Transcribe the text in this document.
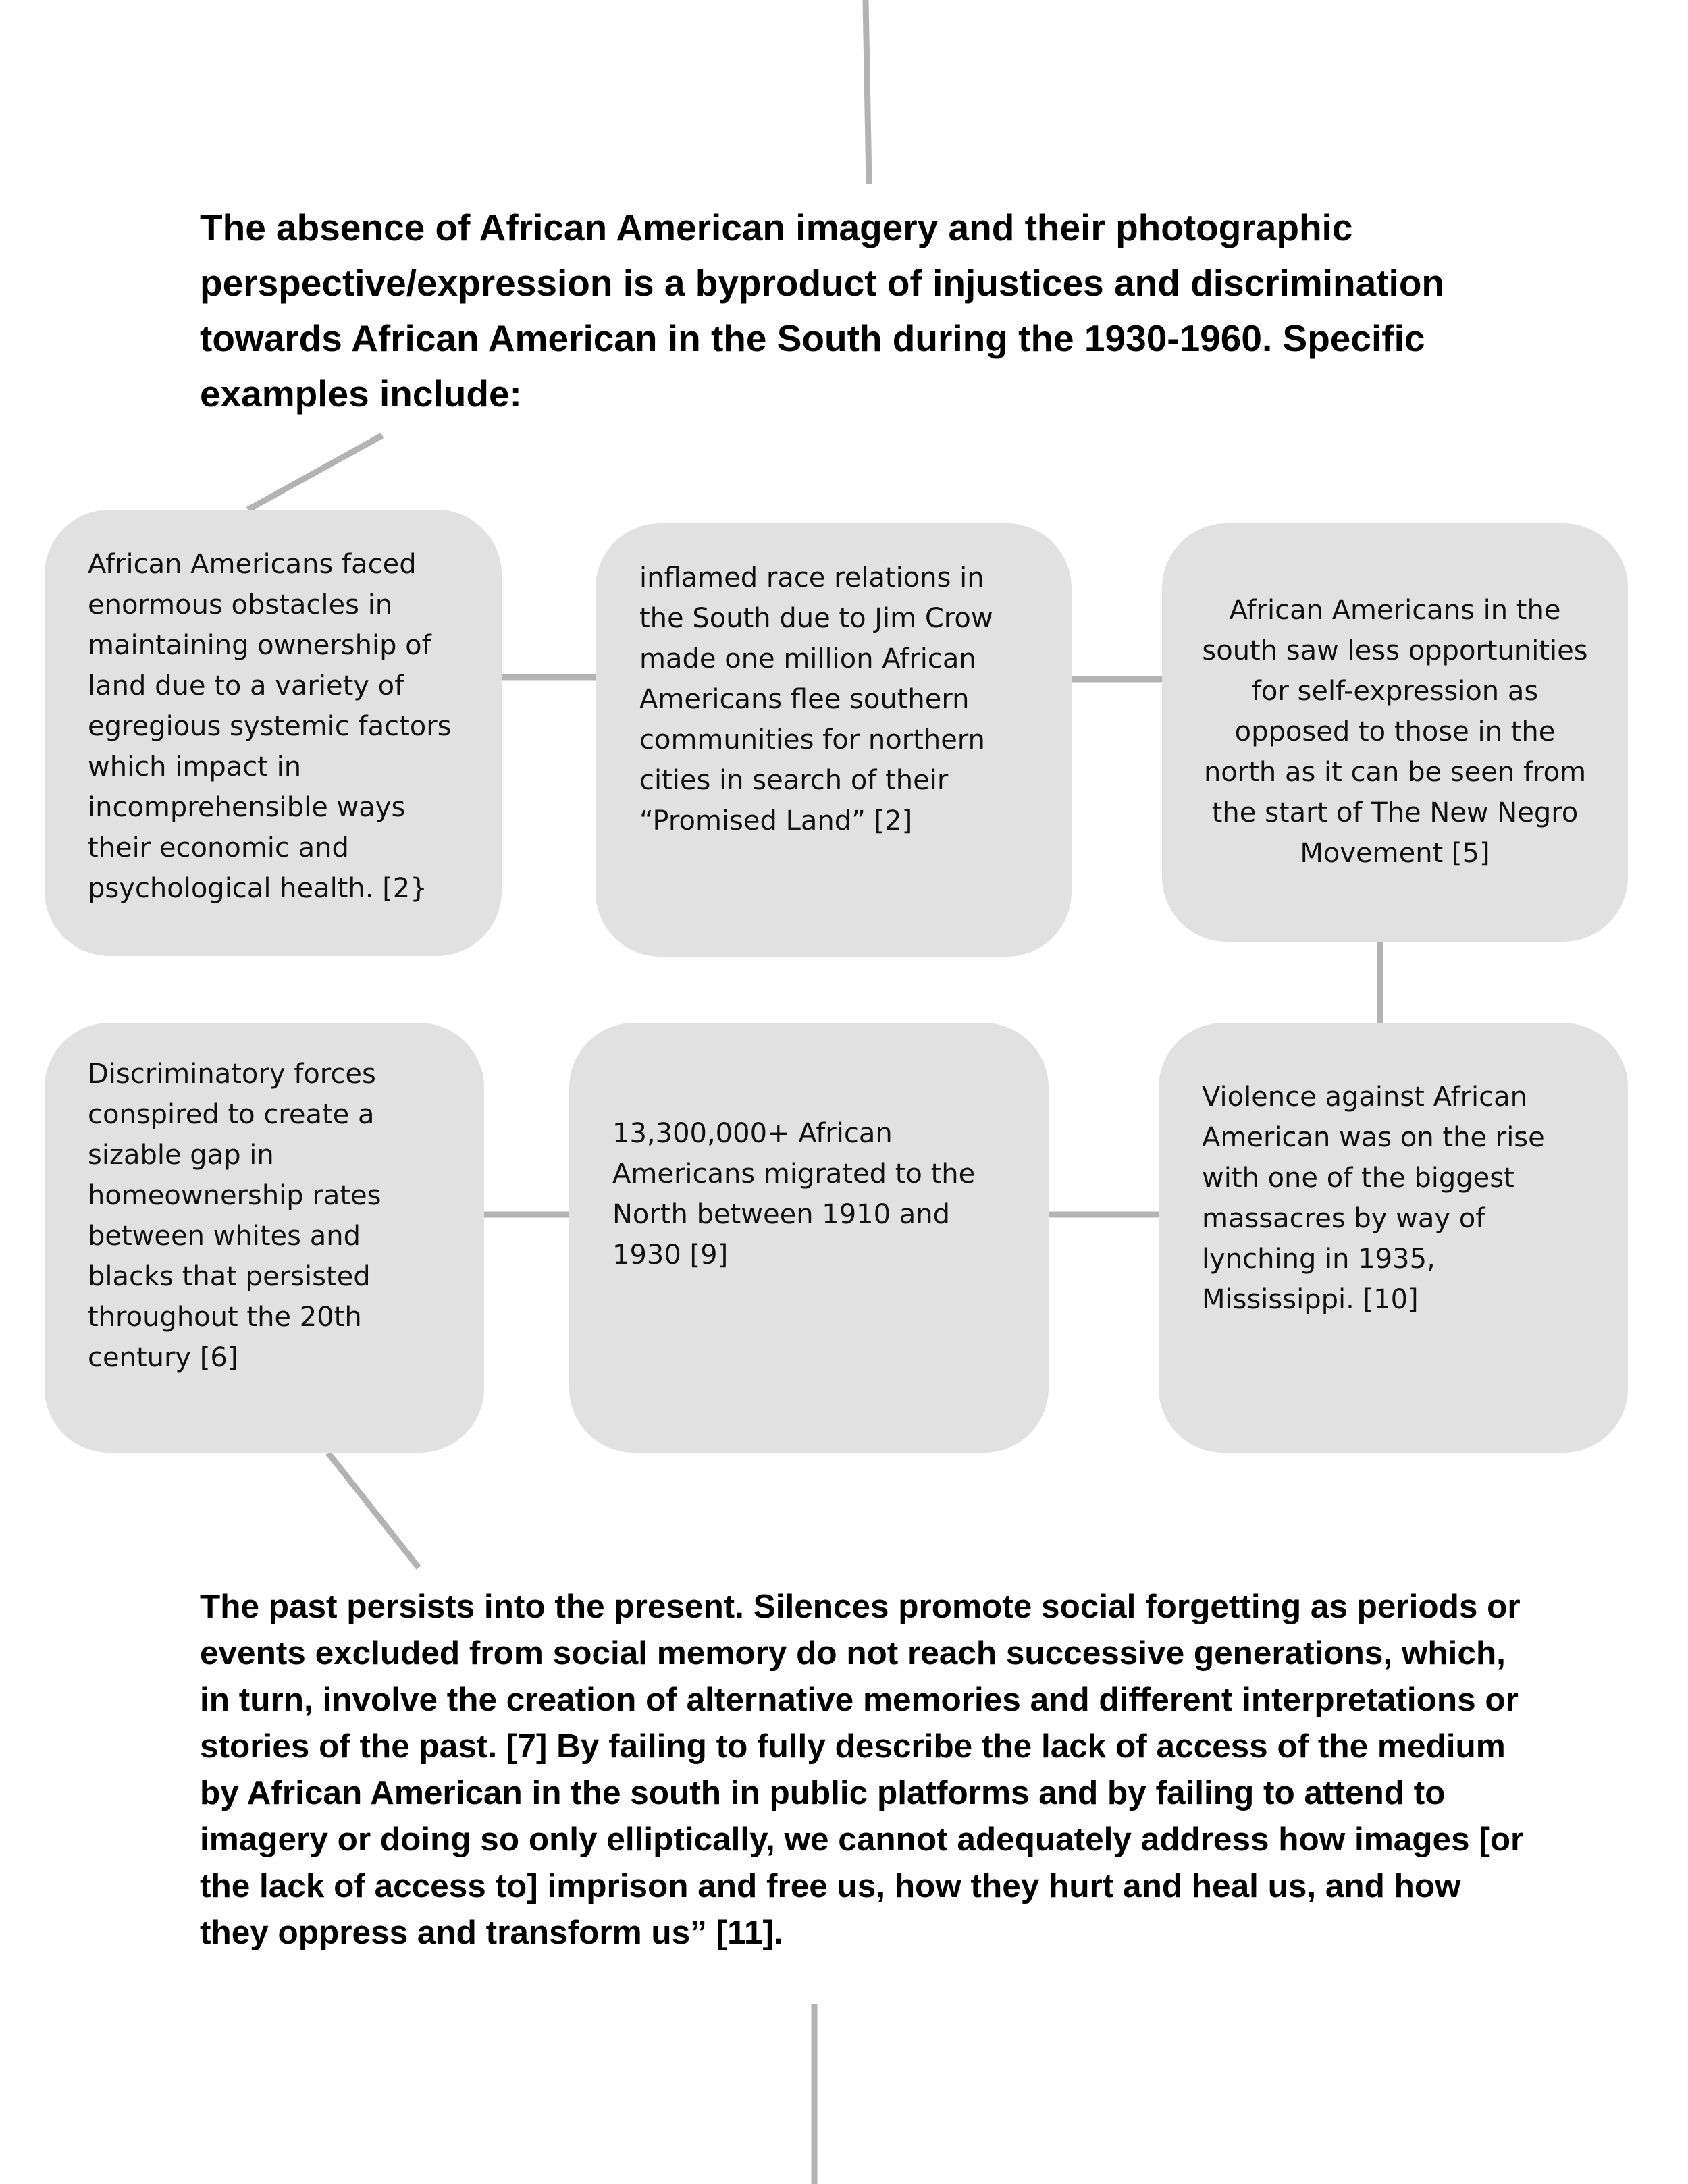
The absence of African American imagery and their photographic perspective/expression is a byproduct of injustices and discrimination towards African American in the South during the 1930-1960. Specific examples include:

African Americans faced enormous obstacles in maintaining ownership of land due to a variety of egregious systemic factors which impact in incomprehensible ways their economic and psychological health. [2}

inflamed race relations in the South due to Jim Crow made one million African Americans flee southern communities for northern cities in search of their “Promised Land” [2]

African Americans in the south saw less opportunities for self-expression as opposed to those in the north as it can be seen from the start of The New Negro Movement [5]

Discriminatory forces conspired to create a sizable gap in homeownership rates between whites and blacks that persisted throughout the 20th century [6]

13,300,000+ African Americans migrated to the North between 1910 and 1930 [9]

Violence against African American was on the rise with one of the biggest massacres by way of lynching in 1935, Mississippi. [10]

The past persists into the present. Silences promote social forgetting as periods or events excluded from social memory do not reach successive generations, which, in turn, involve the creation of alternative memories and different interpretations or stories of the past. [7] By failing to fully describe the lack of access of the medium by African American in the south in public platforms and by failing to attend to imagery or doing so only elliptically, we cannot adequately address how images [or the lack of access to] imprison and free us, how they hurt and heal us, and how they oppress and transform us” [11].
